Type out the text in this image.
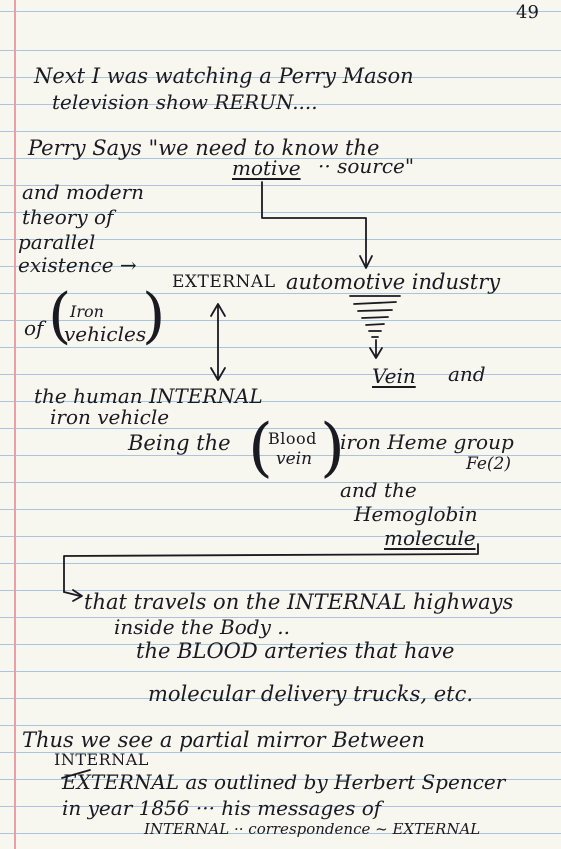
49
Next I was watching a Perry Mason
television show RERUN....
Perry Says "we need to know the
motive ·· source"
and modern
theory of
parallel
existence →
EXTERNAL automotive industry
of (
Iron
vehicles
)
Vein and
the human INTERNAL
iron vehicle
Being the (
Blood
vein )
iron Heme group
Fe(2)
and the
Hemoglobin
molecule
that travels on the INTERNAL highways
inside the Body ..
the BLOOD arteries that have
molecular delivery trucks, etc.
Thus we see a partial mirror Between
INTERNAL
EXTERNAL as outlined by Herbert Spencer
in year 1856 ··· his messages of
INTERNAL ·· correspondence ~ EXTERNAL
